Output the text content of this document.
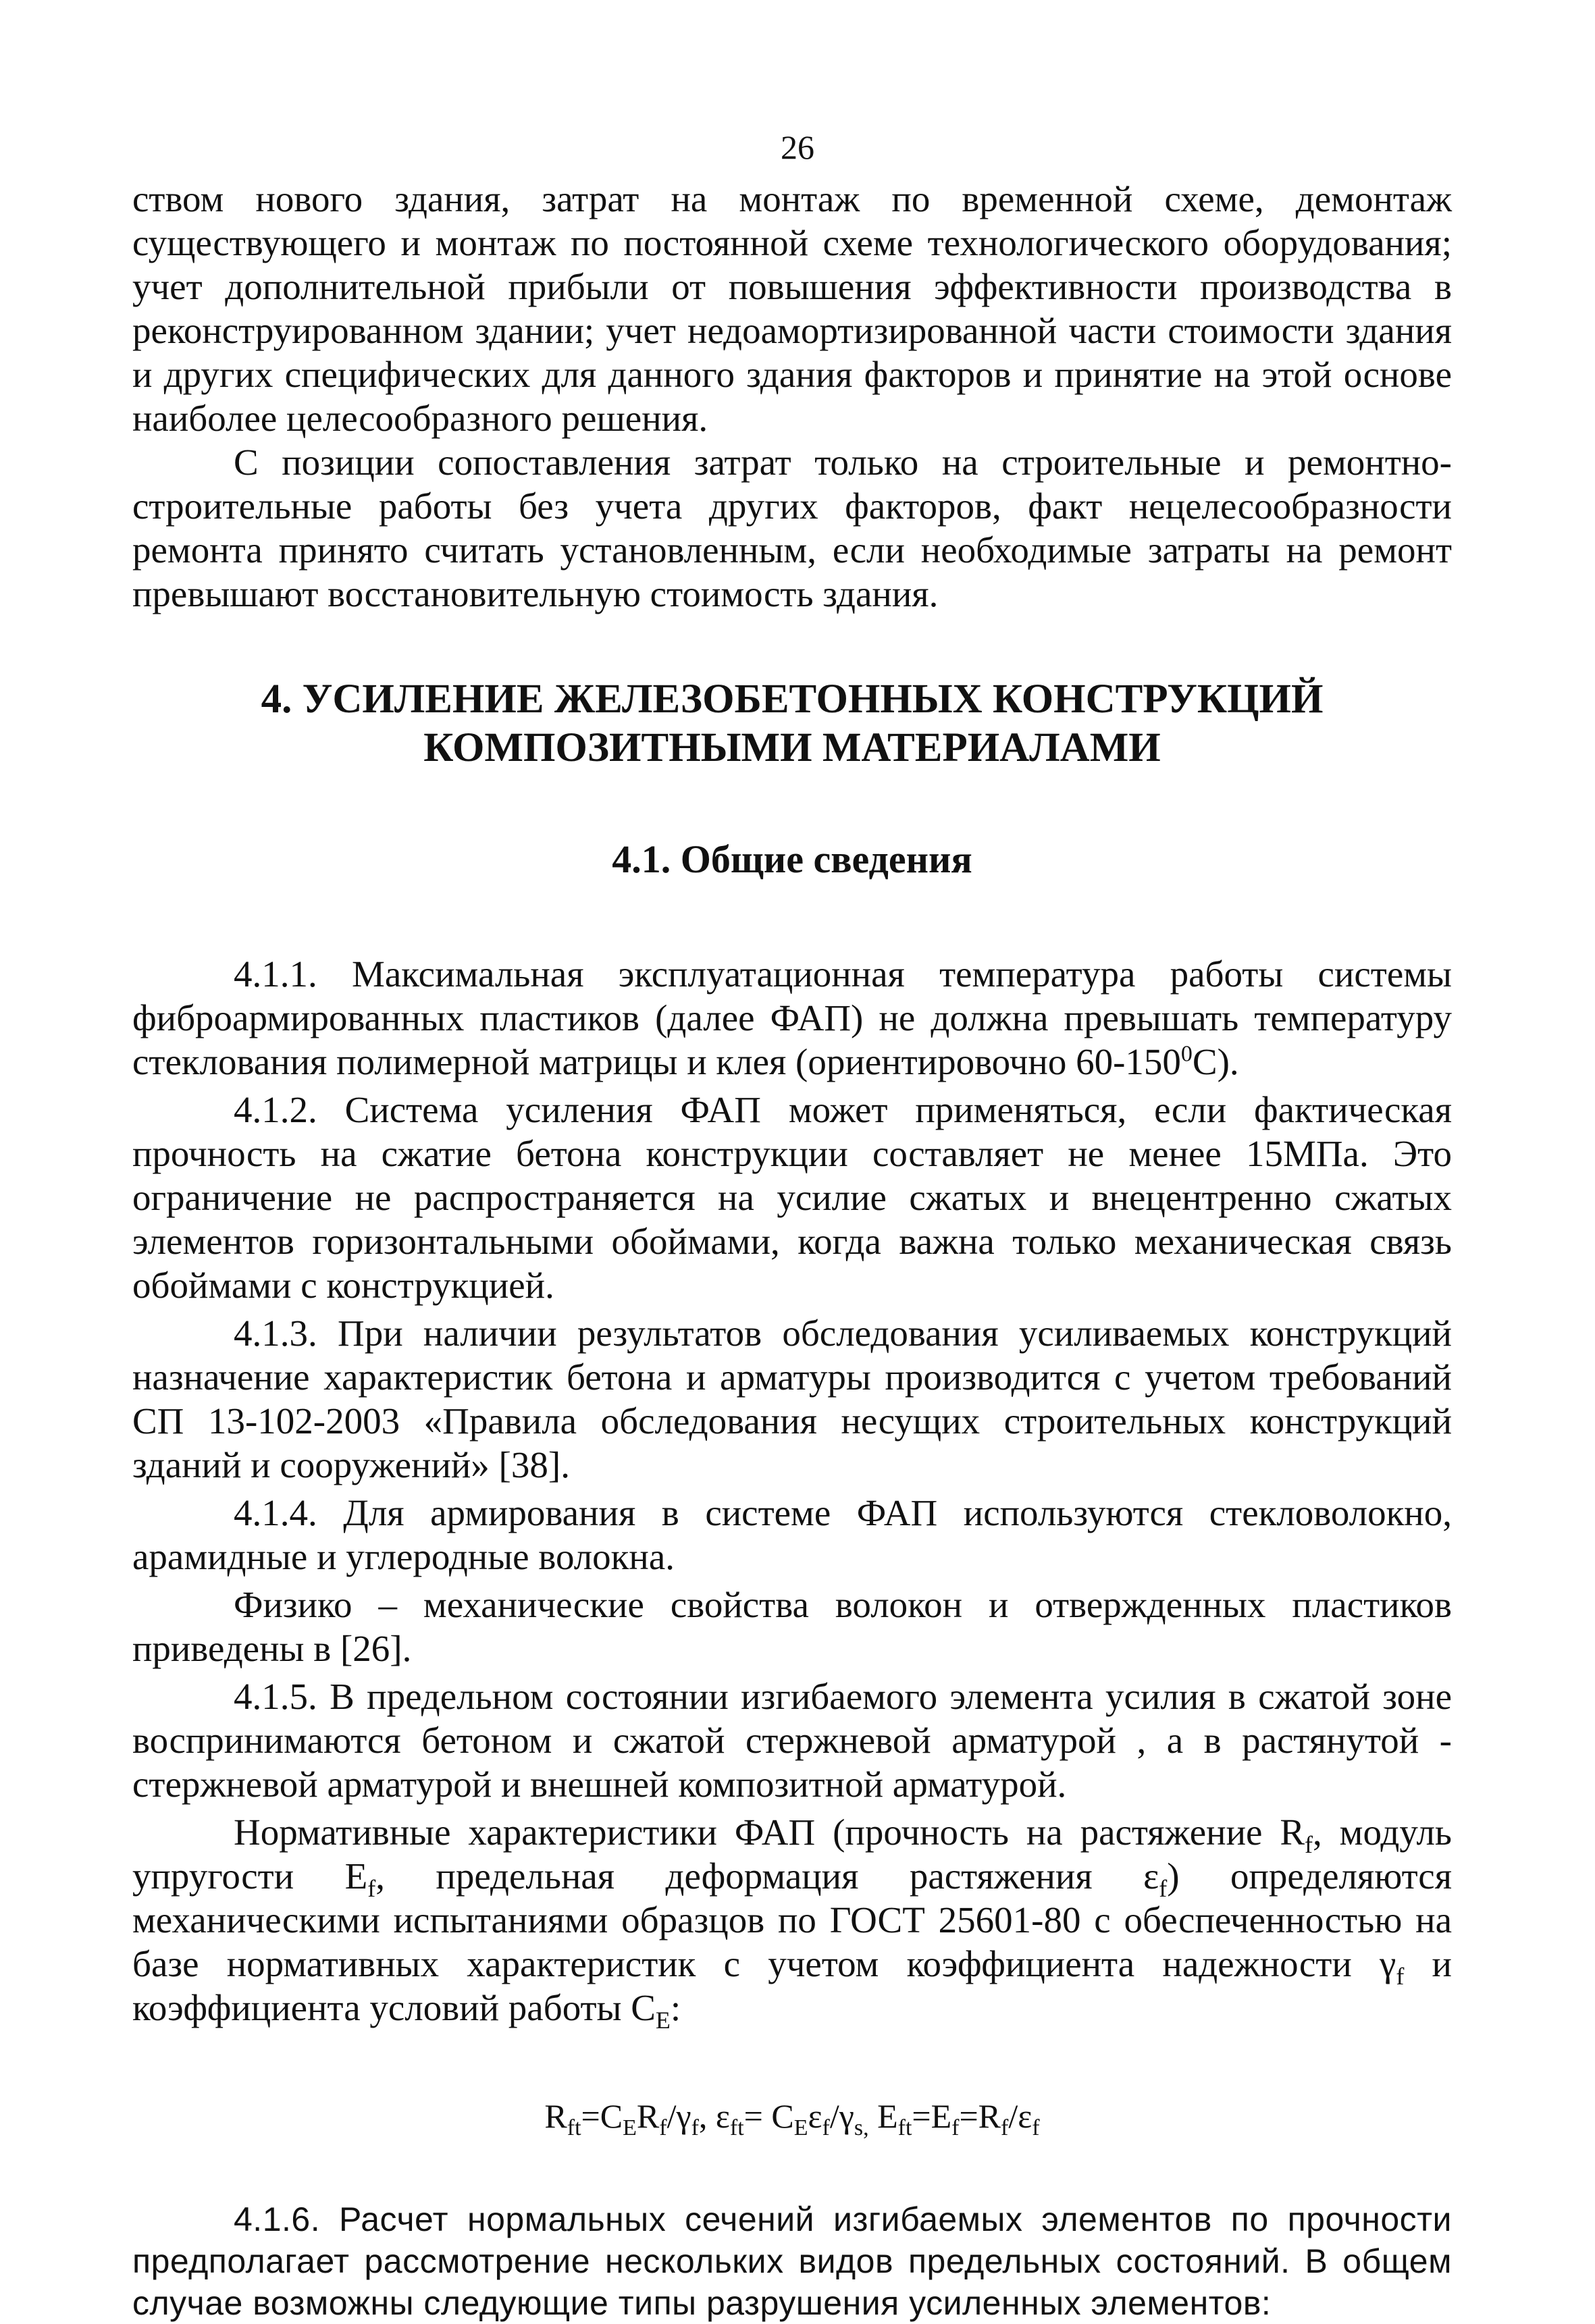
26

ством нового здания, затрат на монтаж по временной схеме, демонтаж существующего и монтаж по постоянной схеме технологического оборудования; учет дополнительной прибыли от повышения эффективности производства в реконструированном здании; учет недоамортизированной части стоимости здания и других специфических для данного здания факторов и принятие на этой основе наиболее целесообразного решения.

С позиции сопоставления затрат только на строительные и ремонтно-строительные работы без учета других факторов, факт нецелесообразности ремонта принято считать установленным, если необходимые затраты на ремонт превышают восстановительную стоимость здания.

4. УСИЛЕНИЕ ЖЕЛЕЗОБЕТОННЫХ КОНСТРУКЦИЙ
КОМПОЗИТНЫМИ МАТЕРИАЛАМИ
4.1. Общие сведения

4.1.1. Максимальная эксплуатационная температура работы системы фиброармированных пластиков (далее ФАП) не должна превышать температуру стеклования полимерной матрицы и клея (ориентировочно $60-150^0С$).

4.1.2. Система усиления ФАП может применяться, если фактическая прочность на сжатие бетона конструкции составляет не менее 15МПа. Это ограничение не распространяется на усилие сжатых и внецентренно сжатых элементов горизонтальными обоймами, когда важна только механическая связь обоймами с конструкцией.

4.1.3. При наличии результатов обследования усиливаемых конструкций назначение характеристик бетона и арматуры производится с учетом требований СП 13-102-2003 «Правила обследования несущих строительных конструкций зданий и сооружений» [38].

4.1.4. Для армирования в системе ФАП используются стекловолокно, арамидные и углеродные волокна.

Физико – механические свойства волокон и отвержденных пластиков приведены в [26].

4.1.5. В предельном состоянии изгибаемого элемента усилия в сжатой зоне воспринимаются бетоном и сжатой стержневой арматурой , а в растянутой - стержневой арматурой и внешней композитной арматурой.

Нормативные характеристики ФАП (прочность на растяжение $R_f$, модуль упругости $E_f$, предельная деформация растяжения $\varepsilon_f$) определяются механическими испытаниями образцов по ГОСТ 25601-80 с обеспеченностью на базе нормативных характеристик с учетом коэффициента надежности $\gamma_f$ и коэффициента условий работы $C_E$:

$R_{ft}=C_ER_f/\gamma_f$, $\varepsilon_{ft}= C_E\varepsilon_f/\gamma_{s,}$ $E_{ft}=E_f=R_f/\varepsilon_f$

4.1.6. Расчет нормальных сечений изгибаемых элементов по прочности предполагает рассмотрение нескольких видов предельных состояний. В общем случае возможны следующие типы разрушения усиленных элементов:
